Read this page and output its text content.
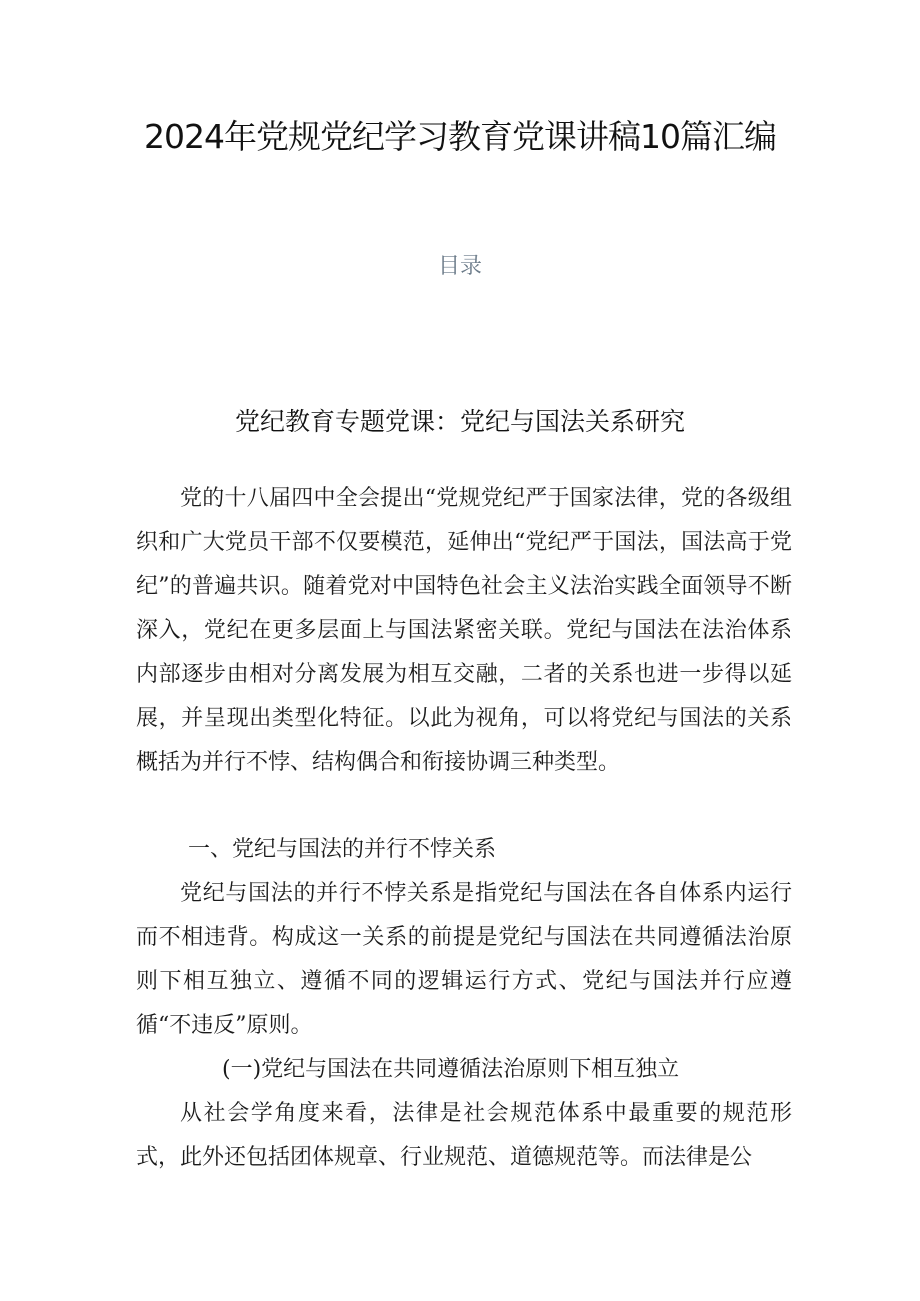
2024年党规党纪学习教育党课讲稿10篇汇编
目录
党纪教育专题党课：党纪与国法关系研究

党的十八届四中全会提出“党规党纪严于国家法律，党的各级组织和广大党员干部不仅要模范，延伸出“党纪严于国法，国法高于党纪”的普遍共识。随着党对中国特色社会主义法治实践全面领导不断深入，党纪在更多层面上与国法紧密关联。党纪与国法在法治体系内部逐步由相对分离发展为相互交融，二者的关系也进一步得以延展，并呈现出类型化特征。以此为视角，可以将党纪与国法的关系概括为并行不悖、结构偶合和衔接协调三种类型。

一、党纪与国法的并行不悖关系

党纪与国法的并行不悖关系是指党纪与国法在各自体系内运行而不相违背。构成这一关系的前提是党纪与国法在共同遵循法治原则下相互独立、遵循不同的逻辑运行方式、党纪与国法并行应遵循“不违反”原则。

(一)党纪与国法在共同遵循法治原则下相互独立

从社会学角度来看，法律是社会规范体系中最重要的规范形式，此外还包括团体规章、行业规范、道德规范等。而法律是公
